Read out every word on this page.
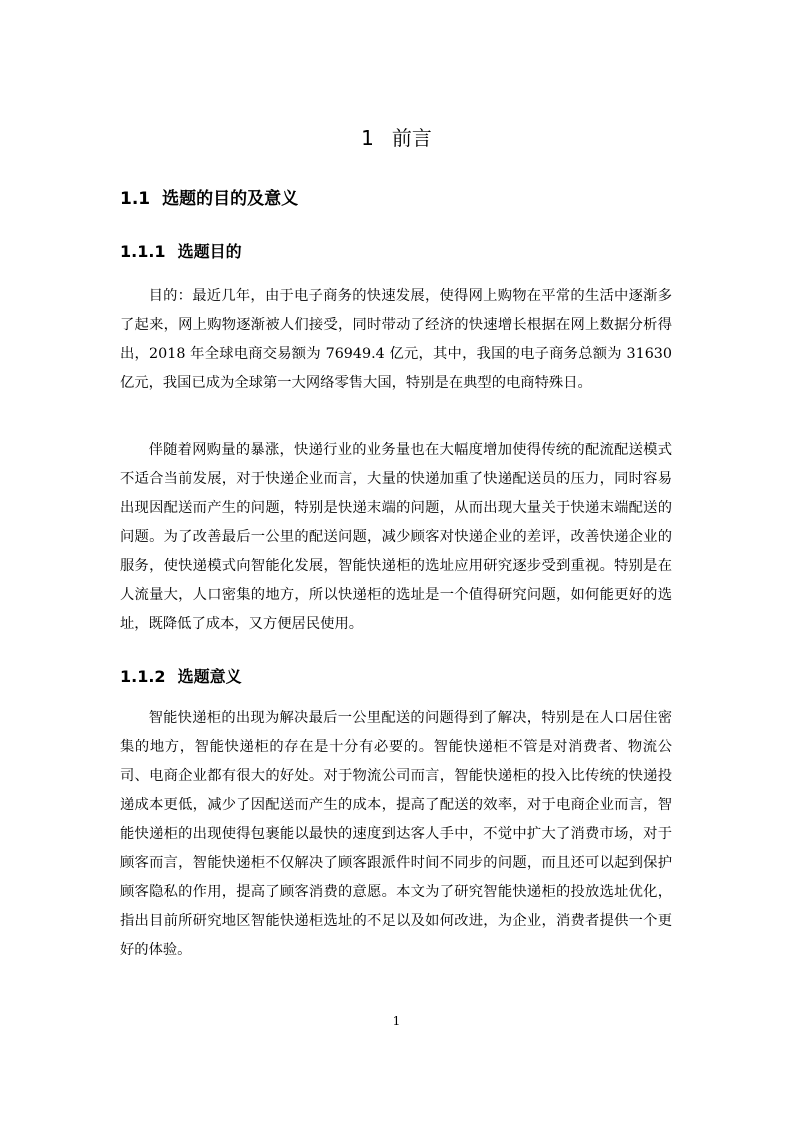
1 前言
1.1 选题的目的及意义
1.1.1 选题目的

目的：最近几年，由于电子商务的快速发展，使得网上购物在平常的生活中逐渐多了起来，网上购物逐渐被人们接受，同时带动了经济的快速增长根据在网上数据分析得出，2018 年全球电商交易额为 76949.4 亿元，其中，我国的电子商务总额为 31630 亿元，我国已成为全球第一大网络零售大国，特别是在典型的电商特殊日。

伴随着网购量的暴涨，快递行业的业务量也在大幅度增加使得传统的配流配送模式不适合当前发展，对于快递企业而言，大量的快递加重了快递配送员的压力，同时容易出现因配送而产生的问题，特别是快递末端的问题，从而出现大量关于快递末端配送的问题。为了改善最后一公里的配送问题，减少顾客对快递企业的差评，改善快递企业的服务，使快递模式向智能化发展，智能快递柜的选址应用研究逐步受到重视。特别是在人流量大，人口密集的地方，所以快递柜的选址是一个值得研究问题，如何能更好的选址，既降低了成本，又方便居民使用。

1.1.2 选题意义

智能快递柜的出现为解决最后一公里配送的问题得到了解决，特别是在人口居住密集的地方，智能快递柜的存在是十分有必要的。智能快递柜不管是对消费者、物流公司、电商企业都有很大的好处。对于物流公司而言，智能快递柜的投入比传统的快递投递成本更低，减少了因配送而产生的成本，提高了配送的效率，对于电商企业而言，智能快递柜的出现使得包裹能以最快的速度到达客人手中，不觉中扩大了消费市场，对于顾客而言，智能快递柜不仅解决了顾客跟派件时间不同步的问题，而且还可以起到保护顾客隐私的作用，提高了顾客消费的意愿。本文为了研究智能快递柜的投放选址优化，指出目前所研究地区智能快递柜选址的不足以及如何改进，为企业，消费者提供一个更好的体验。

1
